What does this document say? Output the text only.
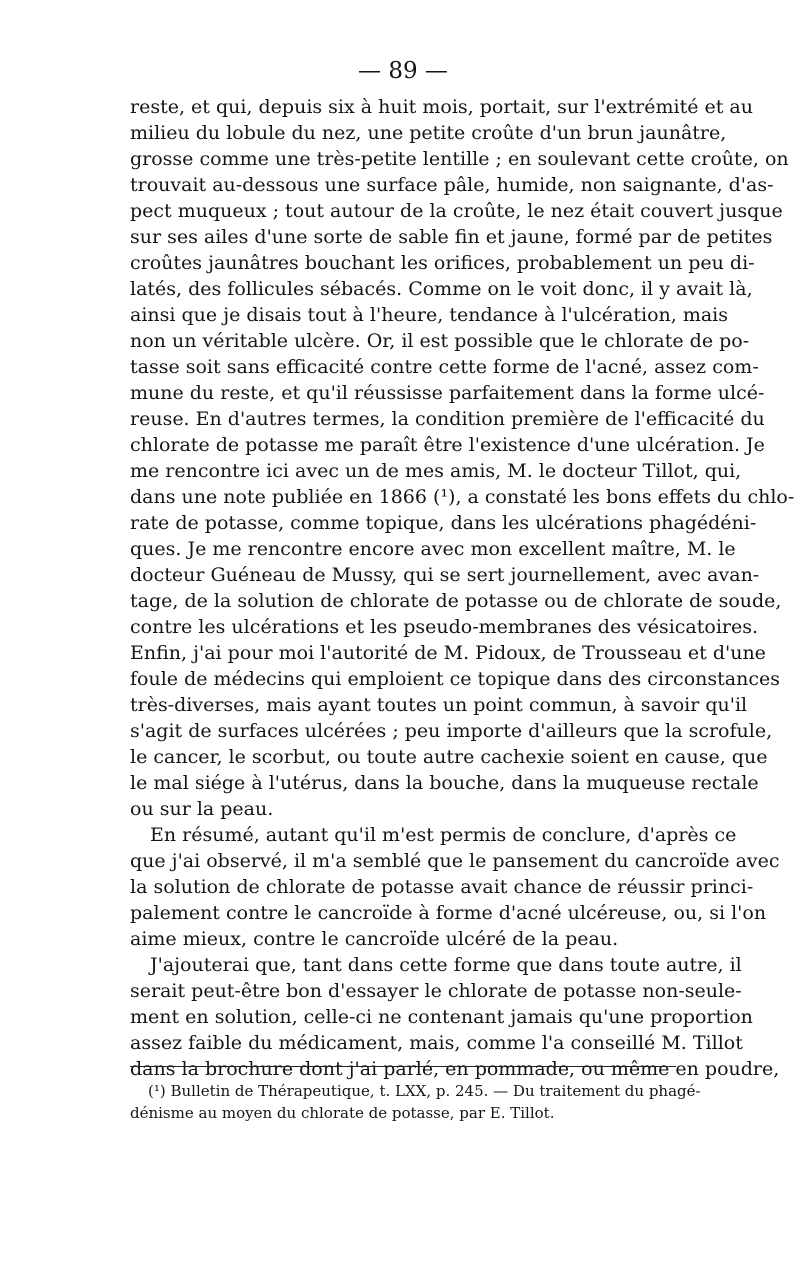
— 89 —
reste, et qui, depuis six à huit mois, portait, sur l'extrémité et au
milieu du lobule du nez, une petite croûte d'un brun jaunâtre,
grosse comme une très-petite lentille ; en soulevant cette croûte, on
trouvait au-dessous une surface pâle, humide, non saignante, d'as-
pect muqueux ; tout autour de la croûte, le nez était couvert jusque
sur ses ailes d'une sorte de sable fin et jaune, formé par de petites
croûtes jaunâtres bouchant les orifices, probablement un peu di-
latés, des follicules sébacés. Comme on le voit donc, il y avait là,
ainsi que je disais tout à l'heure, tendance à l'ulcération, mais
non un véritable ulcère. Or, il est possible que le chlorate de po-
tasse soit sans efficacité contre cette forme de l'acné, assez com-
mune du reste, et qu'il réussisse parfaitement dans la forme ulcé-
reuse. En d'autres termes, la condition première de l'efficacité du
chlorate de potasse me paraît être l'existence d'une ulcération. Je
me rencontre ici avec un de mes amis, M. le docteur Tillot, qui,
dans une note publiée en 1866 (¹), a constaté les bons effets du chlo-
rate de potasse, comme topique, dans les ulcérations phagédéni-
ques. Je me rencontre encore avec mon excellent maître, M. le
docteur Guéneau de Mussy, qui se sert journellement, avec avan-
tage, de la solution de chlorate de potasse ou de chlorate de soude,
contre les ulcérations et les pseudo-membranes des vésicatoires.
Enfin, j'ai pour moi l'autorité de M. Pidoux, de Trousseau et d'une
foule de médecins qui emploient ce topique dans des circonstances
très-diverses, mais ayant toutes un point commun, à savoir qu'il
s'agit de surfaces ulcérées ; peu importe d'ailleurs que la scrofule,
le cancer, le scorbut, ou toute autre cachexie soient en cause, que
le mal siége à l'utérus, dans la bouche, dans la muqueuse rectale
ou sur la peau.
En résumé, autant qu'il m'est permis de conclure, d'après ce
que j'ai observé, il m'a semblé que le pansement du cancroïde avec
la solution de chlorate de potasse avait chance de réussir princi-
palement contre le cancroïde à forme d'acné ulcéreuse, ou, si l'on
aime mieux, contre le cancroïde ulcéré de la peau.
J'ajouterai que, tant dans cette forme que dans toute autre, il
serait peut-être bon d'essayer le chlorate de potasse non-seule-
ment en solution, celle-ci ne contenant jamais qu'une proportion
assez faible du médicament, mais, comme l'a conseillé M. Tillot
dans la brochure dont j'ai parlé, en pommade, ou même en poudre,
(¹) Bulletin de Thérapeutique, t. LXX, p. 245. — Du traitement du phagé-
dénisme au moyen du chlorate de potasse, par E. Tillot.
